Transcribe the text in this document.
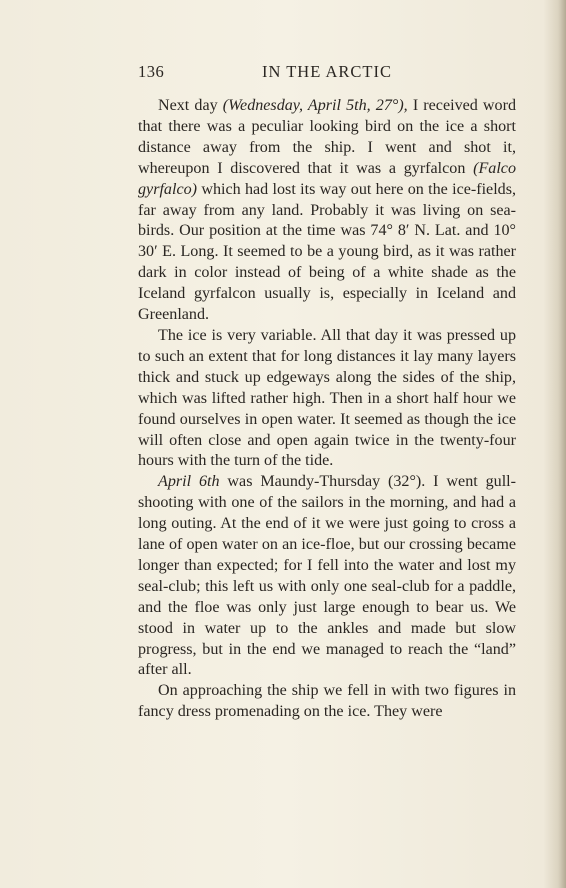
136	IN THE ARCTIC

Next day (Wednesday, April 5th, 27°), I received word that there was a peculiar looking bird on the ice a short distance away from the ship. I went and shot it, whereupon I discovered that it was a gyrfalcon (Falco gyrfalco) which had lost its way out here on the ice-fields, far away from any land. Probably it was living on sea-birds. Our position at the time was 74° 8′ N. Lat. and 10° 30′ E. Long. It seemed to be a young bird, as it was rather dark in color instead of being of a white shade as the Iceland gyrfalcon usually is, especially in Iceland and Greenland.

The ice is very variable. All that day it was pressed up to such an extent that for long distances it lay many layers thick and stuck up edgeways along the sides of the ship, which was lifted rather high. Then in a short half hour we found ourselves in open water. It seemed as though the ice will often close and open again twice in the twenty-four hours with the turn of the tide.

April 6th was Maundy-Thursday (32°). I went gull-shooting with one of the sailors in the morning, and had a long outing. At the end of it we were just going to cross a lane of open water on an ice-floe, but our crossing became longer than expected; for I fell into the water and lost my seal-club; this left us with only one seal-club for a paddle, and the floe was only just large enough to bear us. We stood in water up to the ankles and made but slow progress, but in the end we managed to reach the “land” after all.

On approaching the ship we fell in with two figures in fancy dress promenading on the ice. They were
